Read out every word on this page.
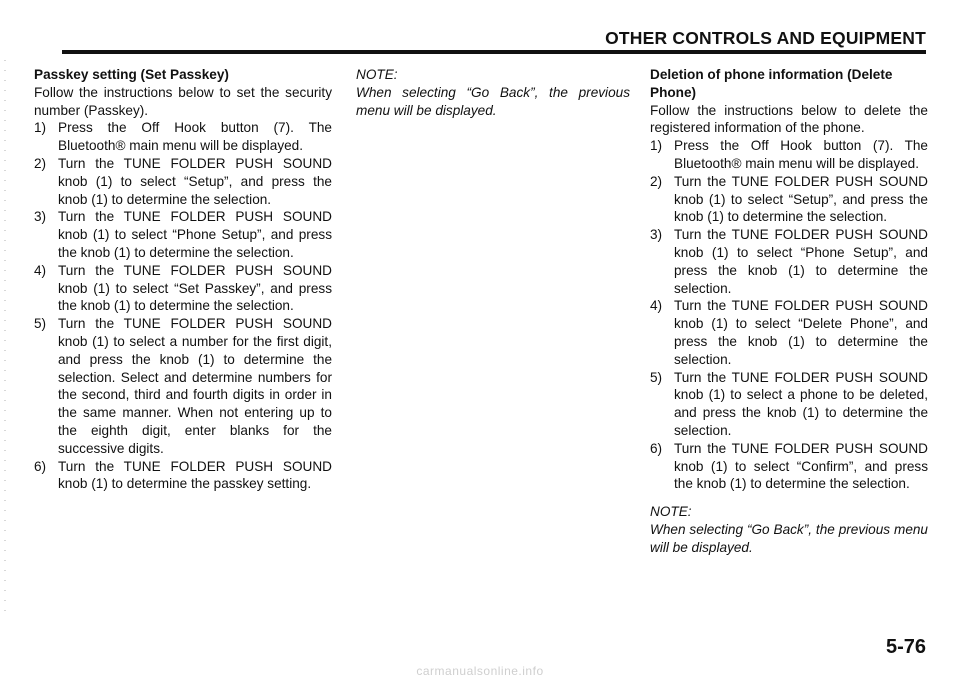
OTHER CONTROLS AND EQUIPMENT

Passkey setting (Set Passkey)

Follow the instructions below to set the security number (Passkey).

1) Press the Off Hook button (7). The Bluetooth® main menu will be displayed.
2) Turn the TUNE FOLDER PUSH SOUND knob (1) to select “Setup”, and press the knob (1) to determine the selection.
3) Turn the TUNE FOLDER PUSH SOUND knob (1) to select “Phone Setup”, and press the knob (1) to determine the selection.
4) Turn the TUNE FOLDER PUSH SOUND knob (1) to select “Set Passkey”, and press the knob (1) to determine the selection.
5) Turn the TUNE FOLDER PUSH SOUND knob (1) to select a number for the first digit, and press the knob (1) to determine the selection. Select and determine numbers for the second, third and fourth digits in order in the same manner. When not entering up to the eighth digit, enter blanks for the successive digits.
6) Turn the TUNE FOLDER PUSH SOUND knob (1) to determine the passkey setting.

NOTE:

When selecting “Go Back”, the previous menu will be displayed.

Deletion of phone information (Delete Phone)

Follow the instructions below to delete the registered information of the phone.

1) Press the Off Hook button (7). The Bluetooth® main menu will be displayed.
2) Turn the TUNE FOLDER PUSH SOUND knob (1) to select “Setup”, and press the knob (1) to determine the selection.
3) Turn the TUNE FOLDER PUSH SOUND knob (1) to select “Phone Setup”, and press the knob (1) to determine the selection.
4) Turn the TUNE FOLDER PUSH SOUND knob (1) to select “Delete Phone”, and press the knob (1) to determine the selection.
5) Turn the TUNE FOLDER PUSH SOUND knob (1) to select a phone to be deleted, and press the knob (1) to determine the selection.
6) Turn the TUNE FOLDER PUSH SOUND knob (1) to select “Confirm”, and press the knob (1) to determine the selection.

NOTE:

When selecting “Go Back”, the previous menu will be displayed.

5-76
carmanualsonline.info
